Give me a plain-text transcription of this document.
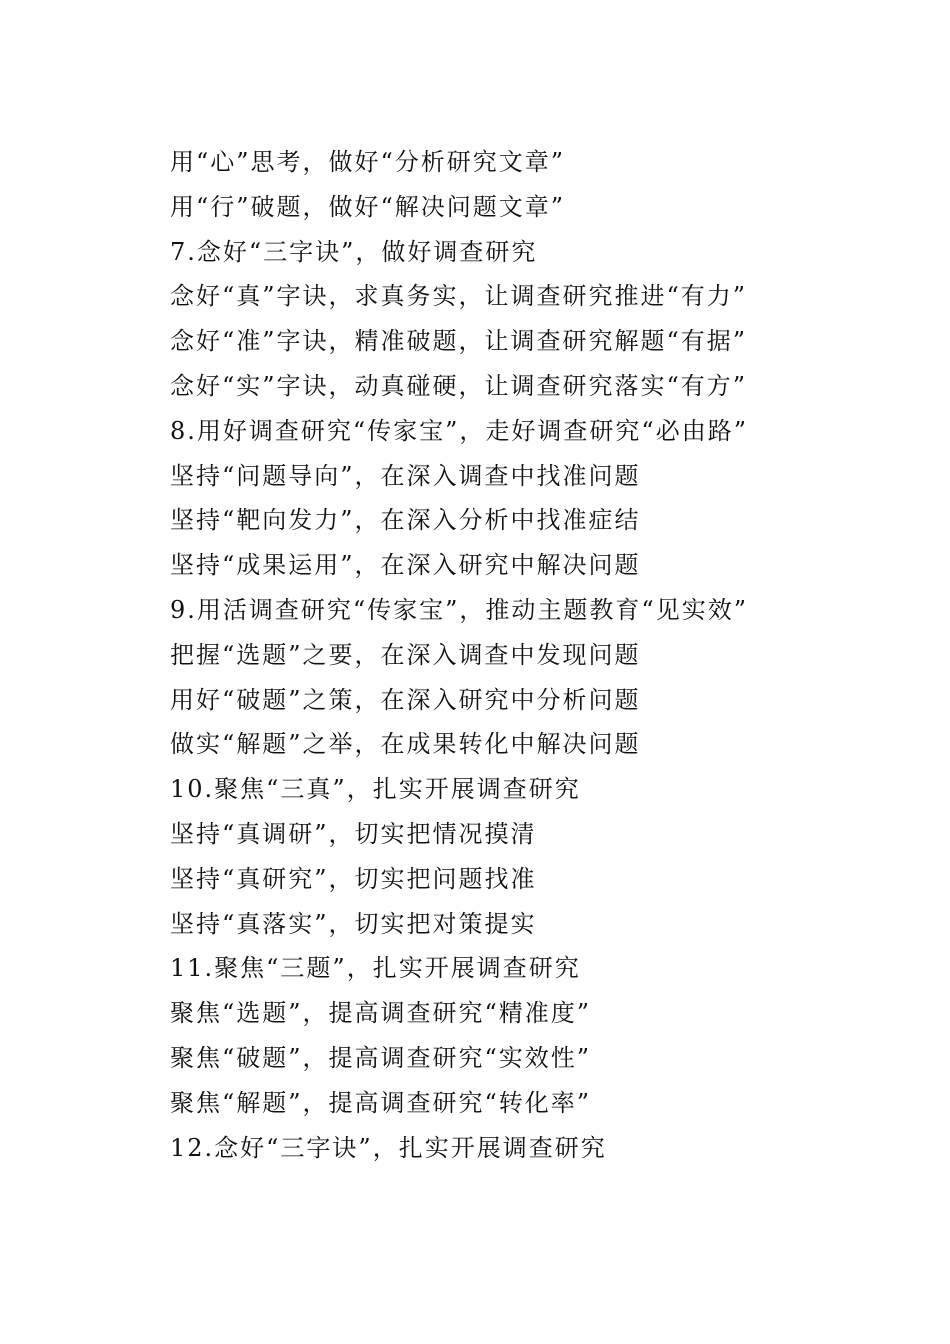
用“心”思考，做好“分析研究文章”
用“行”破题，做好“解决问题文章”
7.念好“三字诀”，做好调查研究
念好“真”字诀，求真务实，让调查研究推进“有力”
念好“准”字诀，精准破题，让调查研究解题“有据”
念好“实”字诀，动真碰硬，让调查研究落实“有方”
8.用好调查研究“传家宝”，走好调查研究“必由路”
坚持“问题导向”，在深入调查中找准问题
坚持“靶向发力”，在深入分析中找准症结
坚持“成果运用”，在深入研究中解决问题
9.用活调查研究“传家宝”，推动主题教育“见实效”
把握“选题”之要，在深入调查中发现问题
用好“破题”之策，在深入研究中分析问题
做实“解题”之举，在成果转化中解决问题
10.聚焦“三真”，扎实开展调查研究
坚持“真调研”，切实把情况摸清
坚持“真研究”，切实把问题找准
坚持“真落实”，切实把对策提实
11.聚焦“三题”，扎实开展调查研究
聚焦“选题”，提高调查研究“精准度”
聚焦“破题”，提高调查研究“实效性”
聚焦“解题”，提高调查研究“转化率”
12.念好“三字诀”，扎实开展调查研究
